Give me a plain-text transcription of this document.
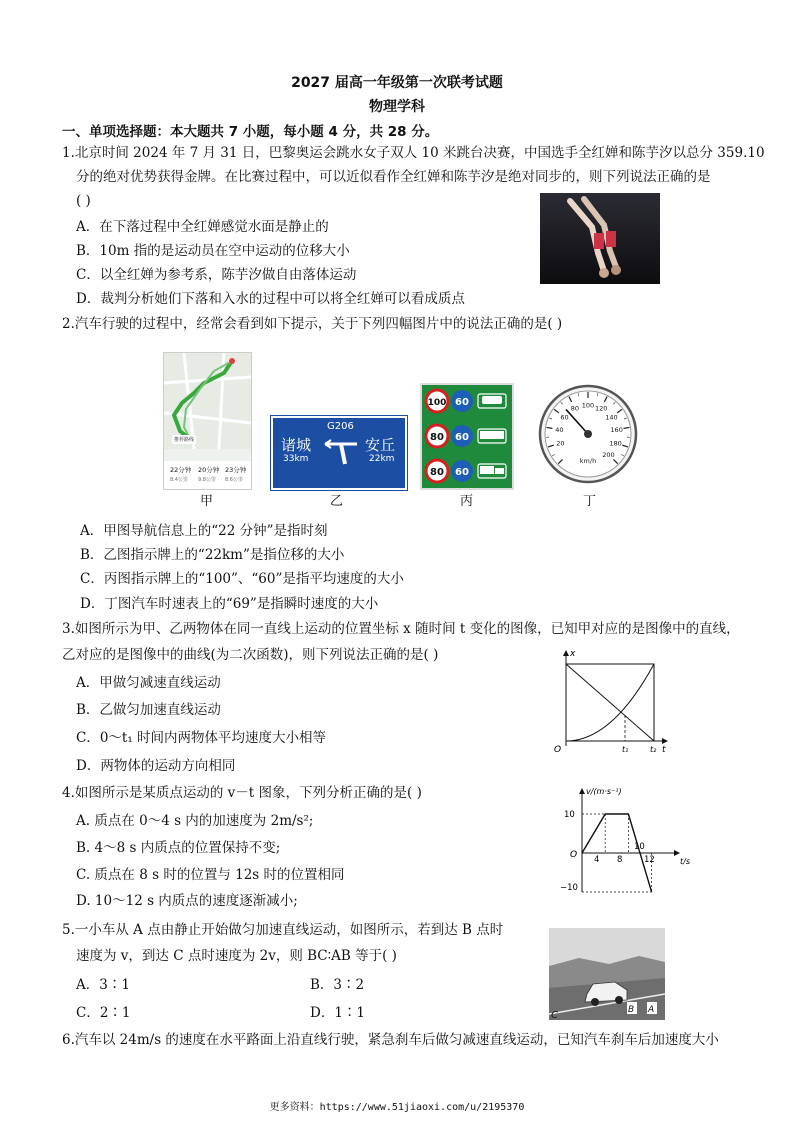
2027 届高一年级第一次联考试题
物理学科
一、单项选择题：本大题共 7 小题，每小题 4 分，共 28 分。
1.北京时间 2024 年 7 月 31 日，巴黎奥运会跳水女子双人 10 米跳台决赛，中国选手全红婵和陈芋汐以总分 359.10
分的绝对优势获得金牌。在比赛过程中，可以近似看作全红婵和陈芋汐是绝对同步的，则下列说法正确的是
( )
A．在下落过程中全红婵感觉水面是静止的
B．10m 指的是运动员在空中运动的位移大小
C．以全红婵为参考系，陈芋汐做自由落体运动
D．裁判分析她们下落和入水的过程中可以将全红婵可以看成质点
2.汽车行驶的过程中，经常会看到如下提示，关于下列四幅图片中的说法正确的是( )
推荐路线
22分钟 20分钟 23分钟
8.4公里 9.8公里 8.6公里
G206
诸城
33km
安丘
22km
100 60
80 60
80 60
20
40
60
80 100 120
140
160
180
200
km/h
甲	乙	丙	丁
A．甲图导航信息上的“22 分钟”是指时刻
B．乙图指示牌上的“22km”是指位移的大小
C．丙图指示牌上的“100”、“60”是指平均速度的大小
D．丁图汽车时速表上的“69”是指瞬时速度的大小
3.如图所示为甲、乙两物体在同一直线上运动的位置坐标 x 随时间 t 变化的图像，已知甲对应的是图像中的直线，
乙对应的是图像中的曲线(为二次函数)，则下列说法正确的是( )
A．甲做匀减速直线运动
B．乙做匀加速直线运动
C．0～t₁ 时间内两物体平均速度大小相等
D．两物体的运动方向相同
x
O	t₁	t₂ t
4.如图所示是某质点运动的 v－t 图象，下列分析正确的是( )
A. 质点在 0～4 s 内的加速度为 2m/s²;
B. 4～8 s 内质点的位置保持不变;
C. 质点在 8 s 时的位置与 12s 时的位置相同
D. 10～12 s 内质点的速度逐渐减小;
v/(m·s⁻¹)
t/s
O
10
−10
4 8
10
12
5.一小车从 A 点由静止开始做匀加速直线运动，如图所示，若到达 B 点时
速度为 v，到达 C 点时速度为 2v，则 BC∶AB 等于( )
A．3∶1	B．3∶2
C．2∶1	D．1∶1	C	B A
6.汽车以 24m/s 的速度在水平路面上沿直线行驶，紧急刹车后做匀减速直线运动，已知汽车刹车后加速度大小
更多资料：https://www.51jiaoxi.com/u/2195370
